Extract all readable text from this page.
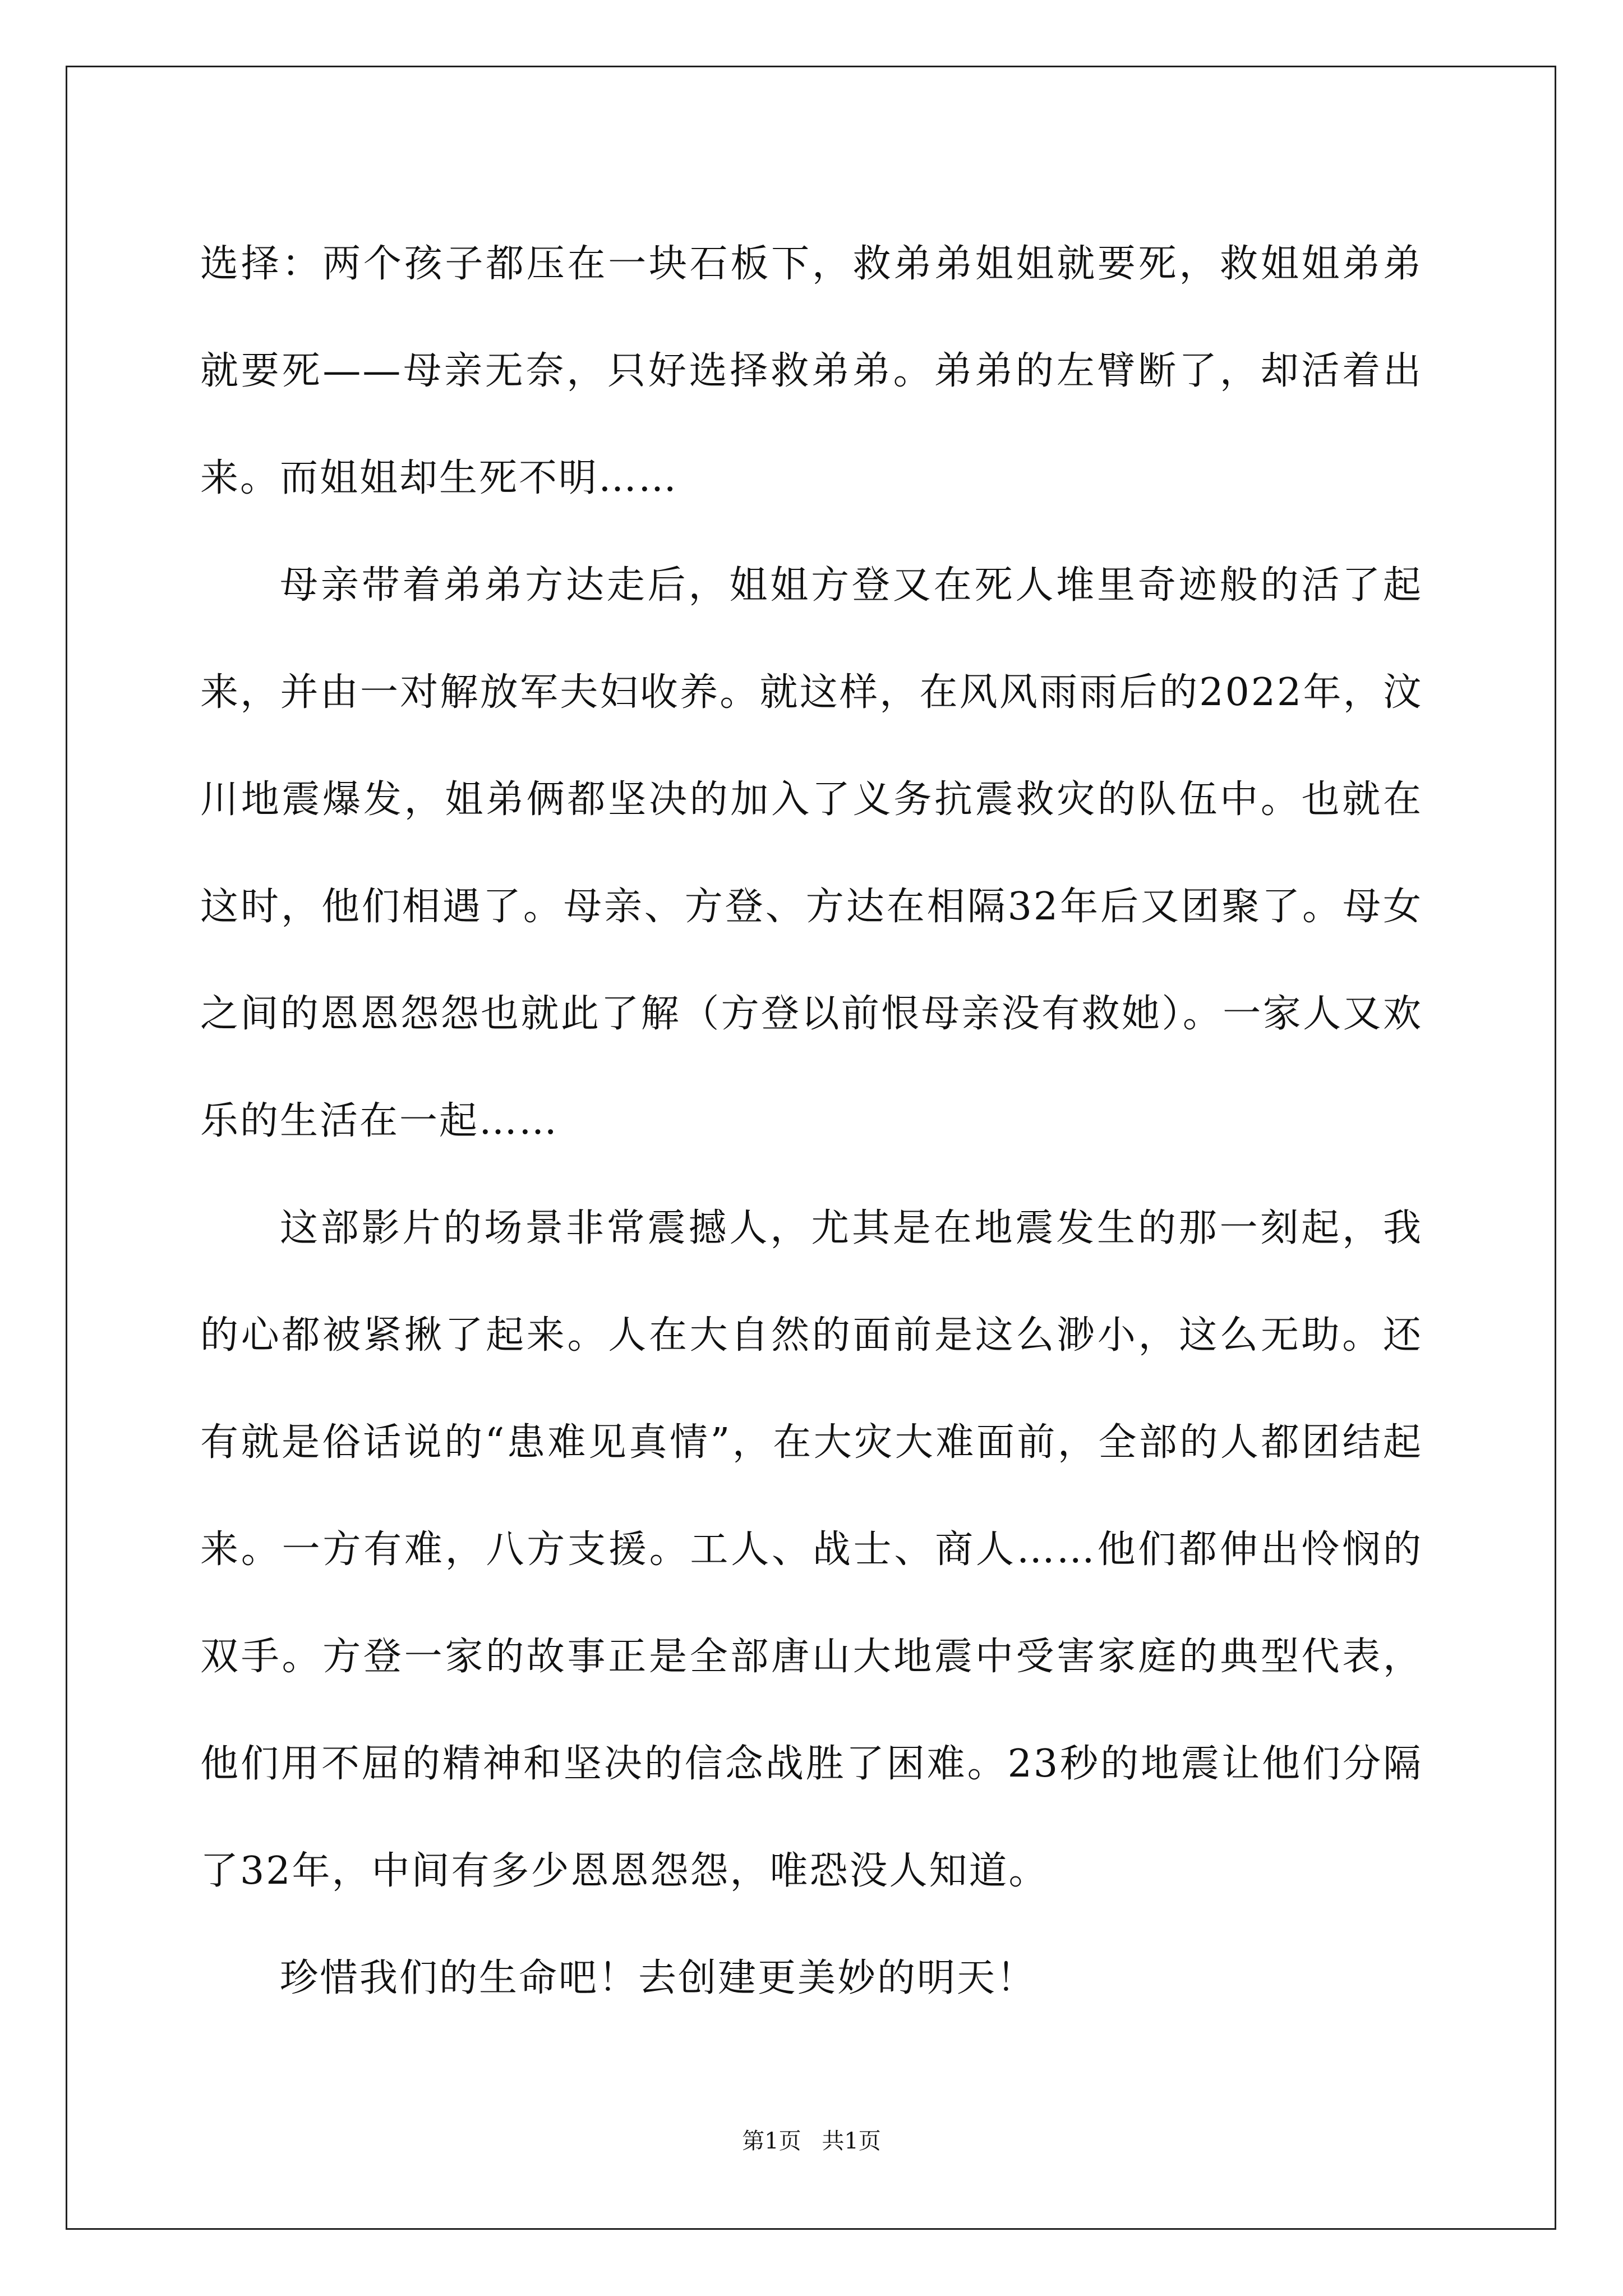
选择：两个孩子都压在一块石板下，救弟弟姐姐就要死，救姐姐弟弟就要死——母亲无奈，只好选择救弟弟。弟弟的左臂断了，却活着出来。而姐姐却生死不明……

母亲带着弟弟方达走后，姐姐方登又在死人堆里奇迹般的活了起来，并由一对解放军夫妇收养。就这样，在风风雨雨后的2022年，汶川地震爆发，姐弟俩都坚决的加入了义务抗震救灾的队伍中。也就在这时，他们相遇了。母亲、方登、方达在相隔32年后又团聚了。母女之间的恩恩怨怨也就此了解（方登以前恨母亲没有救她）。一家人又欢乐的生活在一起……

这部影片的场景非常震撼人，尤其是在地震发生的那一刻起，我的心都被紧揪了起来。人在大自然的面前是这么渺小，这么无助。还有就是俗话说的“患难见真情”，在大灾大难面前，全部的人都团结起来。一方有难，八方支援。工人、战士、商人……他们都伸出怜悯的双手。方登一家的故事正是全部唐山大地震中受害家庭的典型代表，他们用不屈的精神和坚决的信念战胜了困难。23秒的地震让他们分隔了32年，中间有多少恩恩怨怨，唯恐没人知道。

珍惜我们的生命吧！去创建更美妙的明天！

第1页 共1页
